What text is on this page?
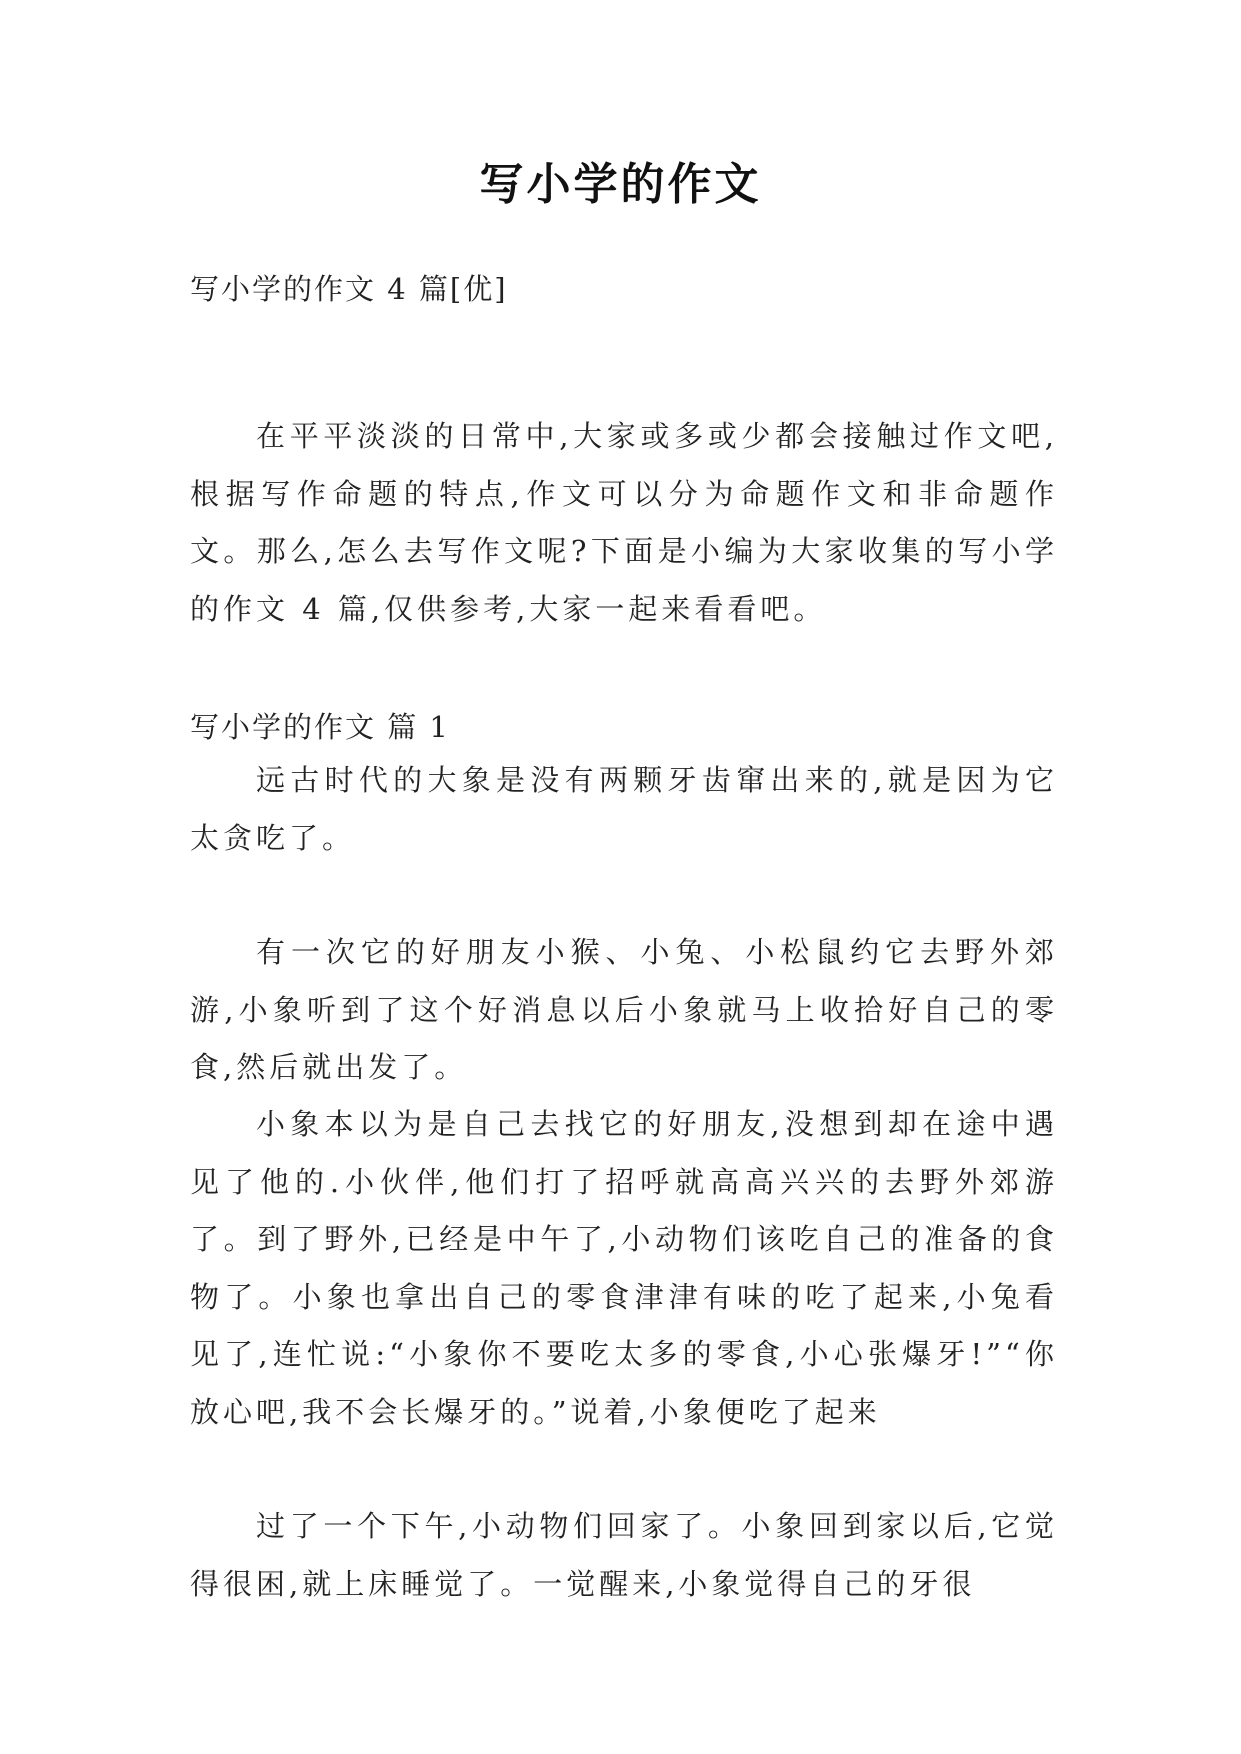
写小学的作文

写小学的作文 4 篇[优]

在平平淡淡的日常中,大家或多或少都会接触过作文吧,根据写作命题的特点,作文可以分为命题作文和非命题作文。那么,怎么去写作文呢?下面是小编为大家收集的写小学的作文 4 篇,仅供参考,大家一起来看看吧。

写小学的作文 篇 1

远古时代的大象是没有两颗牙齿窜出来的,就是因为它太贪吃了。

有一次它的好朋友小猴、小兔、小松鼠约它去野外郊游,小象听到了这个好消息以后小象就马上收拾好自己的零食,然后就出发了。

小象本以为是自己去找它的好朋友,没想到却在途中遇见了他的.小伙伴,他们打了招呼就高高兴兴的去野外郊游了。到了野外,已经是中午了,小动物们该吃自己的准备的食物了。小象也拿出自己的零食津津有味的吃了起来,小兔看见了,连忙说:“小象你不要吃太多的零食,小心张爆牙!”“你放心吧,我不会长爆牙的。”说着,小象便吃了起来

过了一个下午,小动物们回家了。小象回到家以后,它觉得很困,就上床睡觉了。一觉醒来,小象觉得自己的牙很
